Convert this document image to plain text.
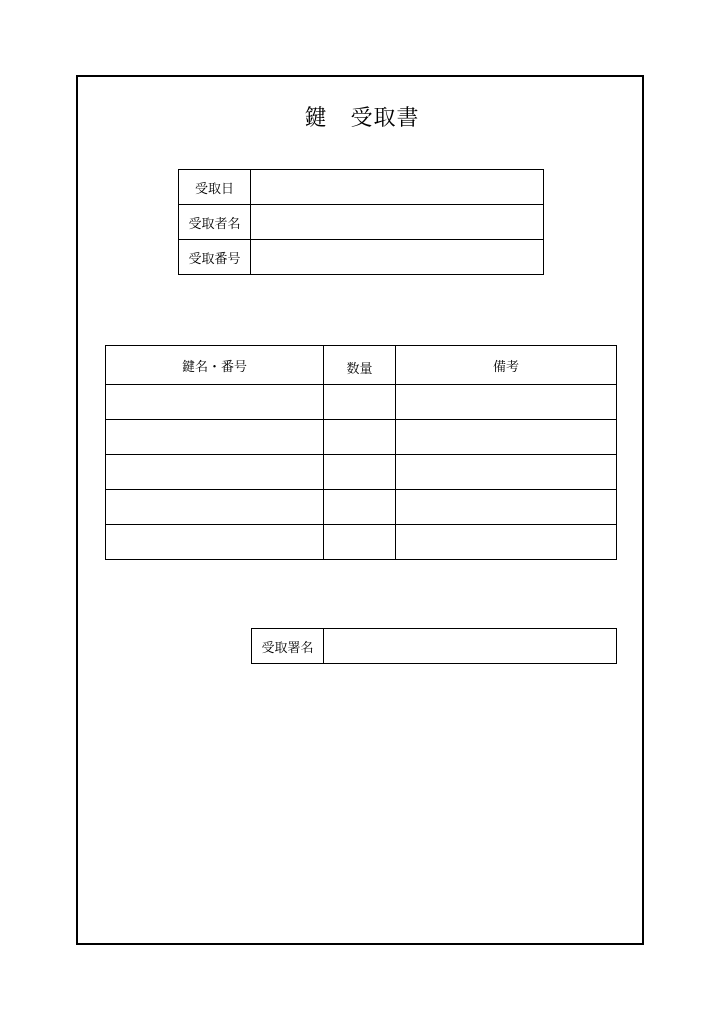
鍵　受取書
受取日	
受取者名	
受取番号	
鍵名・番号	数量	備考

受取署名	
